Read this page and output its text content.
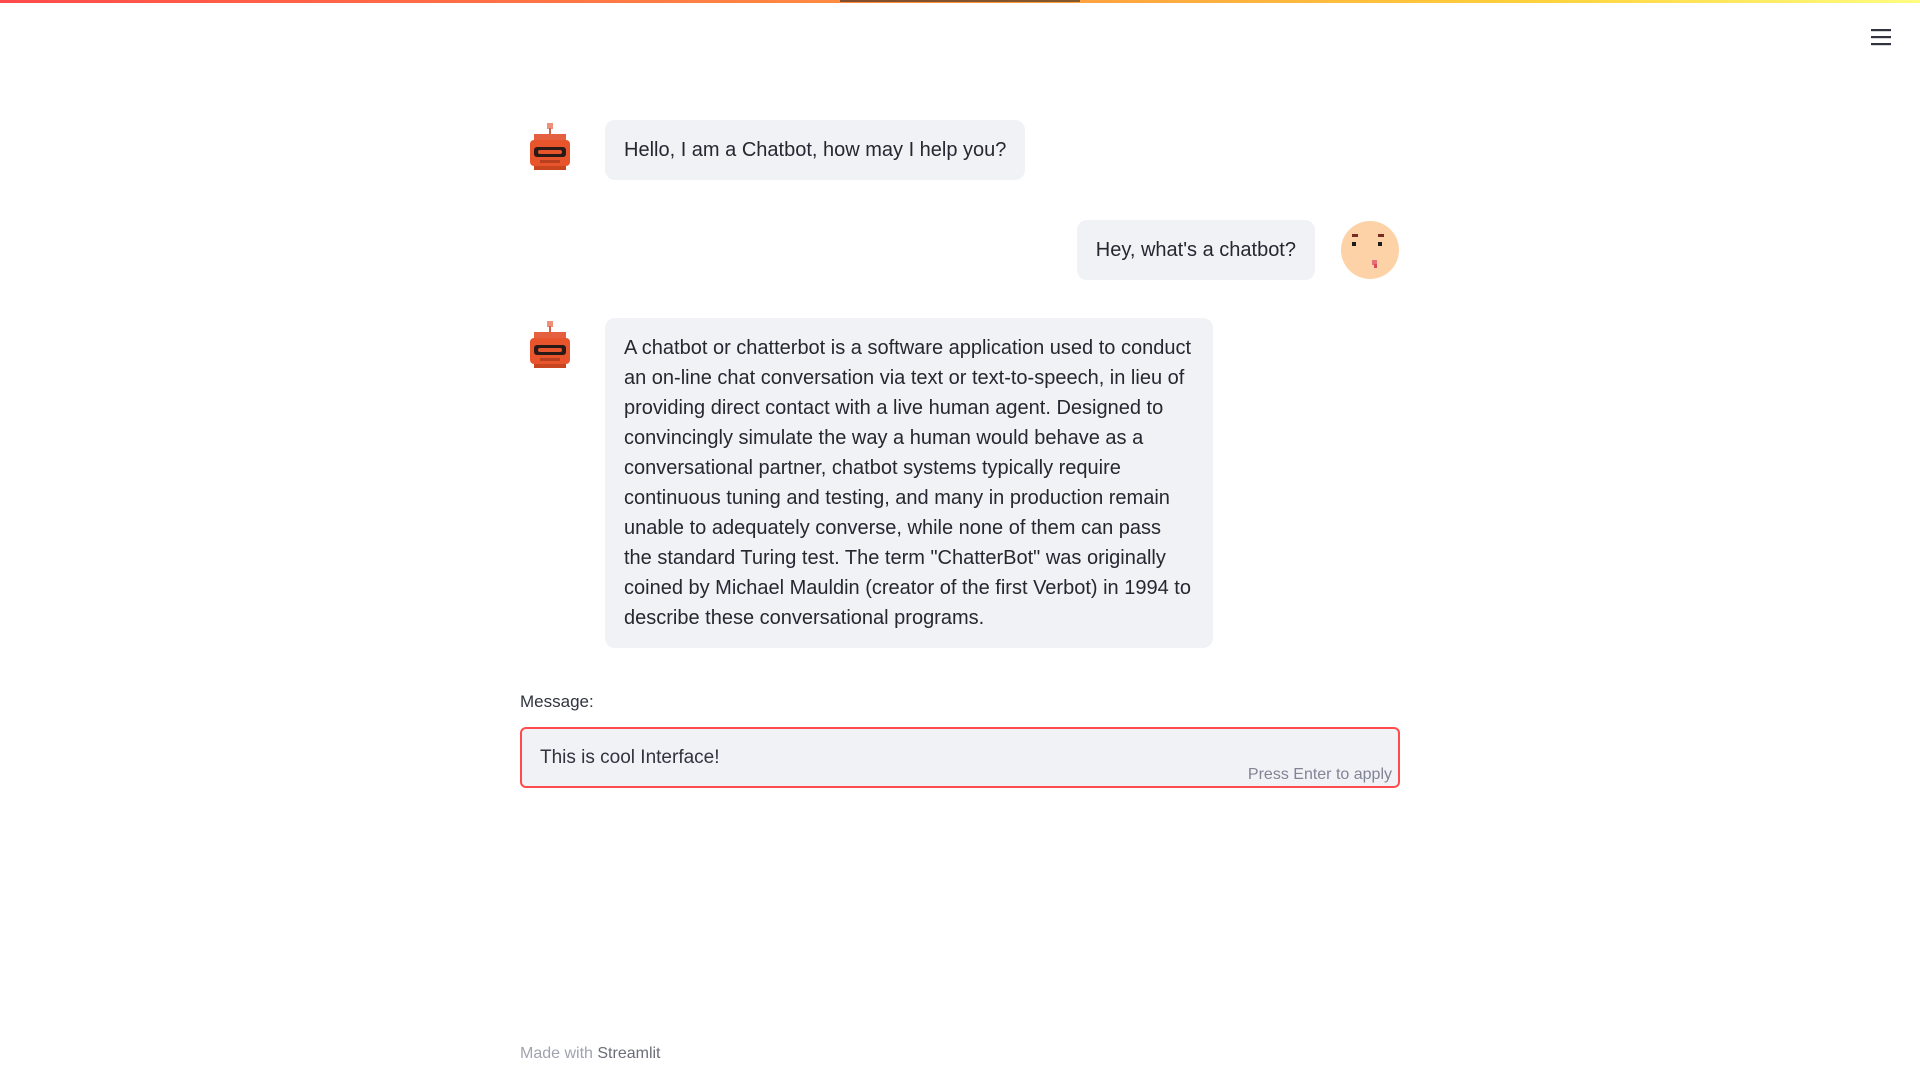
Hello, I am a Chatbot, how may I help you?
Hey, what's a chatbot?
A chatbot or chatterbot is a software application used to conduct an on-line chat conversation via text or text-to-speech, in lieu of providing direct contact with a live human agent. Designed to convincingly simulate the way a human would behave as a conversational partner, chatbot systems typically require continuous tuning and testing, and many in production remain unable to adequately converse, while none of them can pass the standard Turing test. The term "ChatterBot" was originally coined by Michael Mauldin (creator of the first Verbot) in 1994 to describe these conversational programs.
Message:
This is cool Interface!
Press Enter to apply
Made with Streamlit
